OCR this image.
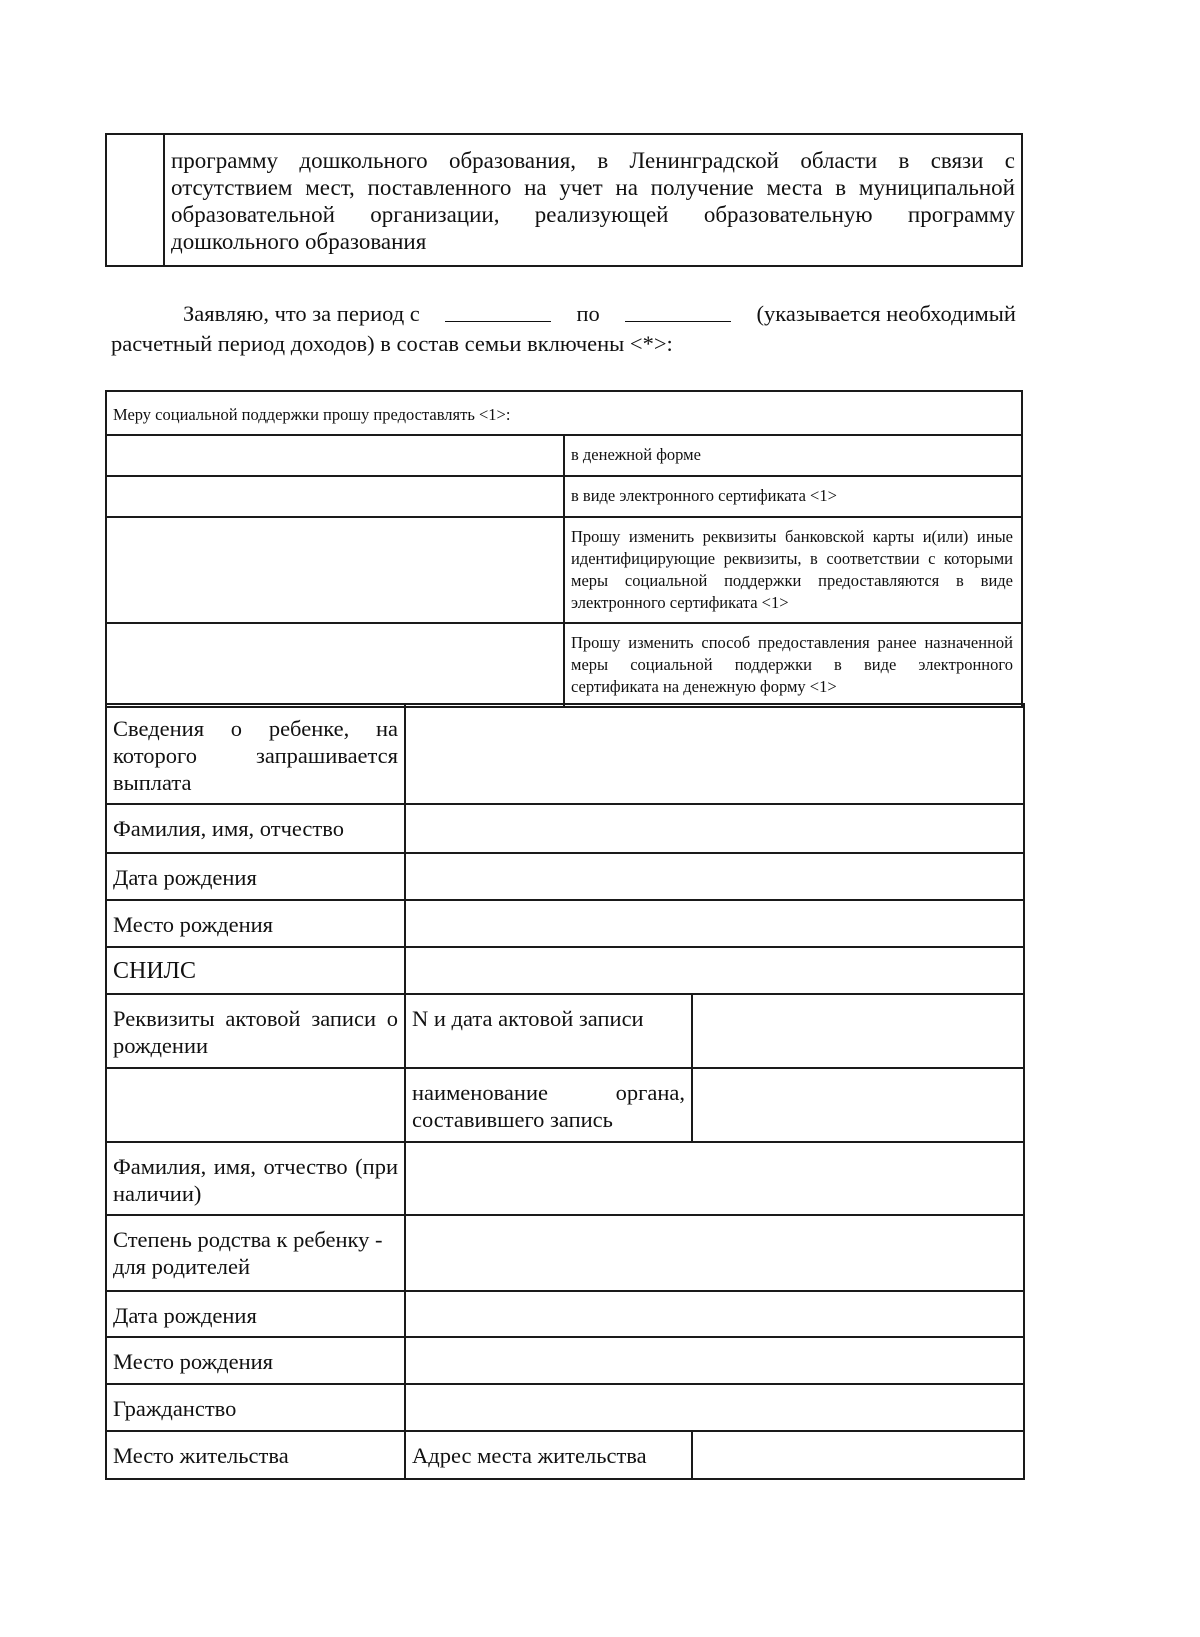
	программу дошкольного образования, в Ленинградской области в связи с отсутствием мест, поставленного на учет на получение места в муниципальной образовательной организации, реализующей образовательную программу дошкольного образования
Заявляю, что за период с	по	(указывается необходимый
расчетный период доходов) в состав семьи включены <*>:
Меру социальной поддержки прошу предоставлять <1>:	
	в денежной форме
	в виде электронного сертификата <1>
	Прошу изменить реквизиты банковской карты и(или) иные идентифицирующие реквизиты, в соответствии с которыми меры социальной поддержки предоставляются в виде электронного сертификата <1>
	Прошу изменить способ предоставления ранее назначенной меры социальной поддержки в виде электронного сертификата на денежную форму <1>
Сведения о ребенке, на которого запрашивается выплата		
Фамилия, имя, отчество		
Дата рождения		
Место рождения		
СНИЛС		
Реквизиты актовой записи о рождении	N и дата актовой записи	
	наименование органа, составившего запись	
Фамилия, имя, отчество (при наличии)		
Степень родства к ребенку - для родителей		
Дата рождения		
Место рождения		
Гражданство		
Место жительства	Адрес места жительства	
